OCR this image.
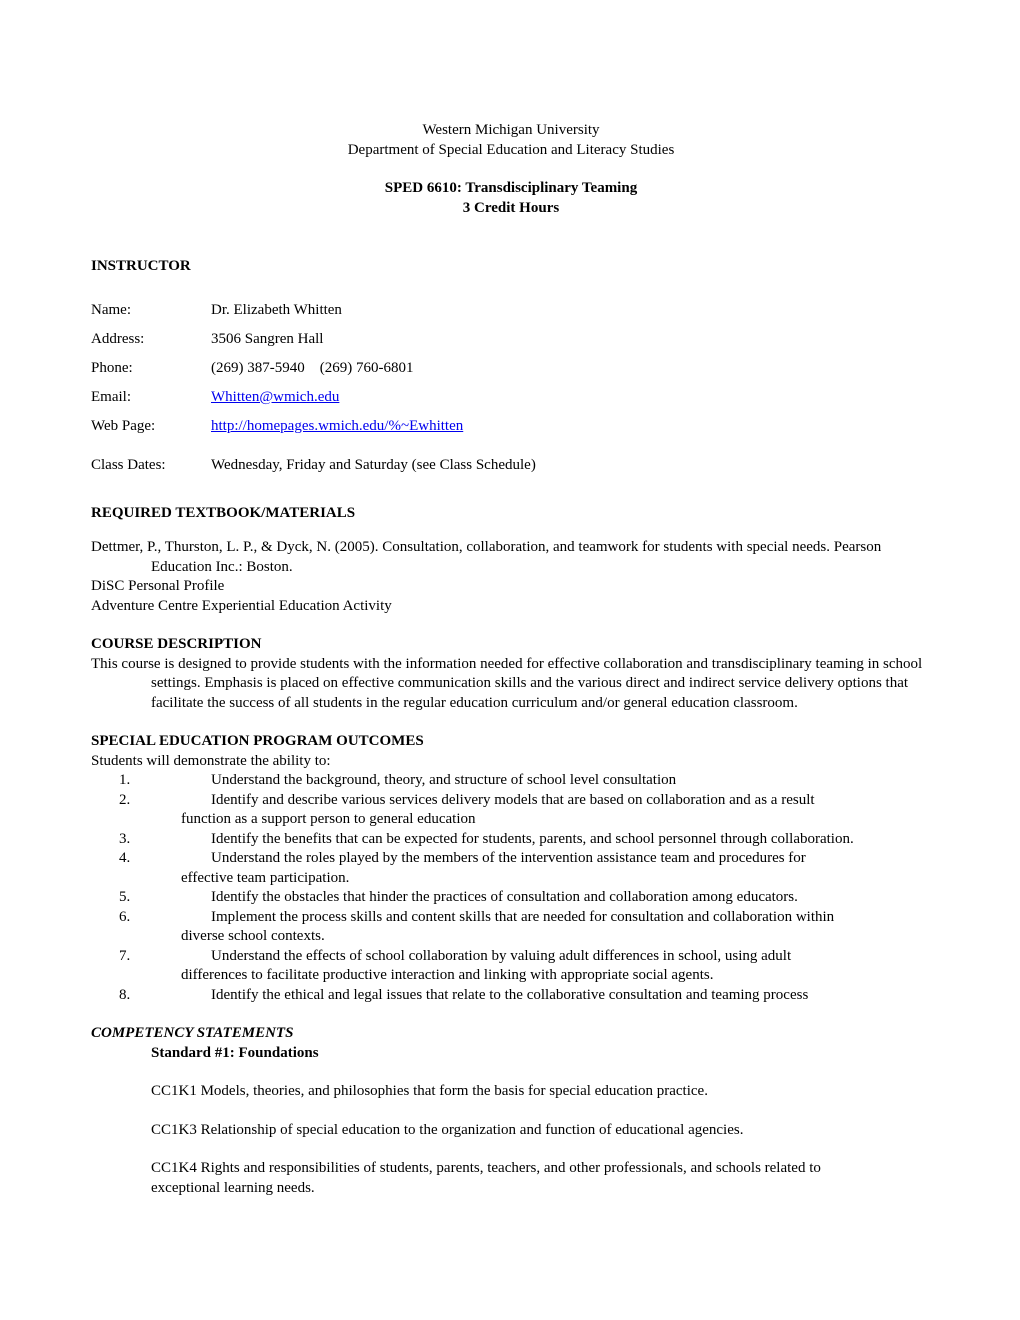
Western Michigan University

Department of Special Education and Literacy Studies

SPED 6610: Transdisciplinary Teaming

3 Credit Hours

INSTRUCTOR

Name:	Dr. Elizabeth Whitten
Address:	3506 Sangren Hall
Phone:	(269) 387-5940    (269) 760-6801
Email:	Whitten@wmich.edu
Web Page:	http://homepages.wmich.edu/%~Ewhitten
Class Dates:	Wednesday, Friday and Saturday (see Class Schedule)

REQUIRED TEXTBOOK/MATERIALS

Dettmer, P., Thurston, L. P., & Dyck, N. (2005). Consultation, collaboration, and teamwork for students with special needs. Pearson Education Inc.: Boston.

DiSC Personal Profile

Adventure Centre Experiential Education Activity

COURSE DESCRIPTION

This course is designed to provide students with the information needed for effective collaboration and transdisciplinary teaming in school settings. Emphasis is placed on effective communication skills and the various direct and indirect service delivery options that facilitate the success of all students in the regular education curriculum and/or general education classroom.

SPECIAL EDUCATION PROGRAM OUTCOMES

Students will demonstrate the ability to:

1.	Understand the background, theory, and structure of school level consultation
2.	Identify and describe various services delivery models that are based on collaboration and as a result
function as a support person to general education
3.	Identify the benefits that can be expected for students, parents, and school personnel through collaboration.
4.	Understand the roles played by the members of the intervention assistance team and procedures for
effective team participation.
5.	Identify the obstacles that hinder the practices of consultation and collaboration among educators.
6.	Implement the process skills and content skills that are needed for consultation and collaboration within
diverse school contexts.
7.	Understand the effects of school collaboration by valuing adult differences in school, using adult
differences to facilitate productive interaction and linking with appropriate social agents.
8.	Identify the ethical and legal issues that relate to the collaborative consultation and teaming process

COMPETENCY STATEMENTS

Standard #1: Foundations

CC1K1 Models, theories, and philosophies that form the basis for special education practice.

CC1K3 Relationship of special education to the organization and function of educational agencies.

CC1K4 Rights and responsibilities of students, parents, teachers, and other professionals, and schools related to exceptional learning needs.
